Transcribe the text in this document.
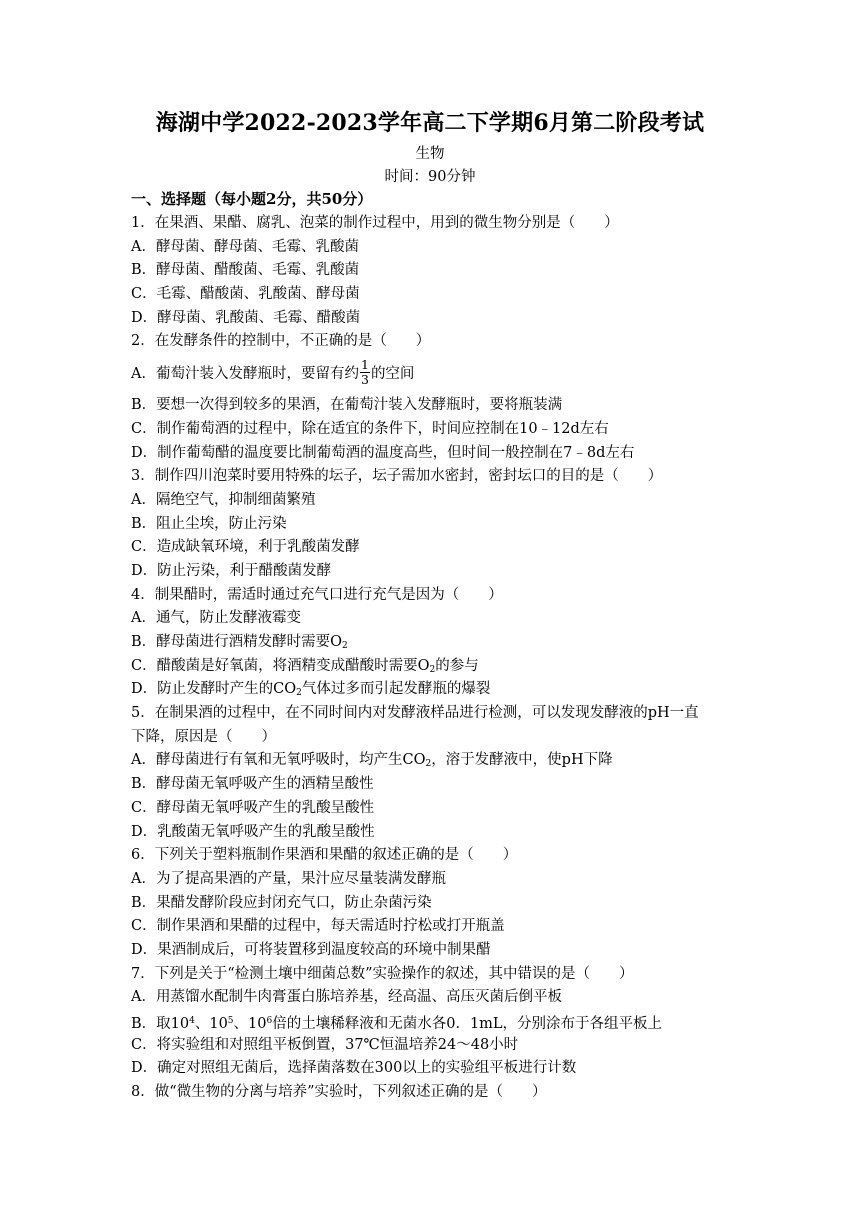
海湖中学2022-2023学年高二下学期6月第二阶段考试
生物
时间：90分钟
一、选择题（每小题2分，共50分）
1．在果酒、果醋、腐乳、泡菜的制作过程中，用到的微生物分别是（　　）
A．酵母菌、酵母菌、毛霉、乳酸菌
B．酵母菌、醋酸菌、毛霉、乳酸菌
C．毛霉、醋酸菌、乳酸菌、酵母菌
D．酵母菌、乳酸菌、毛霉、醋酸菌
2．在发酵条件的控制中，不正确的是（　　）
A．葡萄汁装入发酵瓶时，要留有约 $\frac{1}{3}$ 的空间
B．要想一次得到较多的果酒，在葡萄汁装入发酵瓶时，要将瓶装满
C．制作葡萄酒的过程中，除在适宜的条件下，时间应控制在10﹣12d左右
D．制作葡萄醋的温度要比制葡萄酒的温度高些，但时间一般控制在7﹣8d左右
3．制作四川泡菜时要用特殊的坛子，坛子需加水密封，密封坛口的目的是（　　）
A．隔绝空气，抑制细菌繁殖
B．阻止尘埃，防止污染
C．造成缺氧环境，利于乳酸菌发酵
D．防止污染，利于醋酸菌发酵
4．制果醋时，需适时通过充气口进行充气是因为（　　）
A．通气，防止发酵液霉变
B．酵母菌进行酒精发酵时需要$O_2$
C．醋酸菌是好氧菌，将酒精变成醋酸时需要$O_2$的参与
D．防止发酵时产生的$CO_2$气体过多而引起发酵瓶的爆裂
5．在制果酒的过程中，在不同时间内对发酵液样品进行检测，可以发现发酵液的pH一直
下降，原因是（　　）
A．酵母菌进行有氧和无氧呼吸时，均产生$CO_2$，溶于发酵液中，使pH下降
B．酵母菌无氧呼吸产生的酒精呈酸性
C．酵母菌无氧呼吸产生的乳酸呈酸性
D．乳酸菌无氧呼吸产生的乳酸呈酸性
6．下列关于塑料瓶制作果酒和果醋的叙述正确的是（　　）
A．为了提高果酒的产量，果汁应尽量装满发酵瓶
B．果醋发酵阶段应封闭充气口，防止杂菌污染
C．制作果酒和果醋的过程中，每天需适时拧松或打开瓶盖
D．果酒制成后，可将装置移到温度较高的环境中制果醋
7．下列是关于“检测土壤中细菌总数”实验操作的叙述，其中错误的是（　　）
A．用蒸馏水配制牛肉膏蛋白胨培养基，经高温、高压灭菌后倒平板
B．取$10^4$、$10^5$、$10^6$倍的土壤稀释液和无菌水各0．1mL，分别涂布于各组平板上
C．将实验组和对照组平板倒置，37℃恒温培养24～48小时
D．确定对照组无菌后，选择菌落数在300以上的实验组平板进行计数
8．做“微生物的分离与培养”实验时，下列叙述正确的是（　　）
